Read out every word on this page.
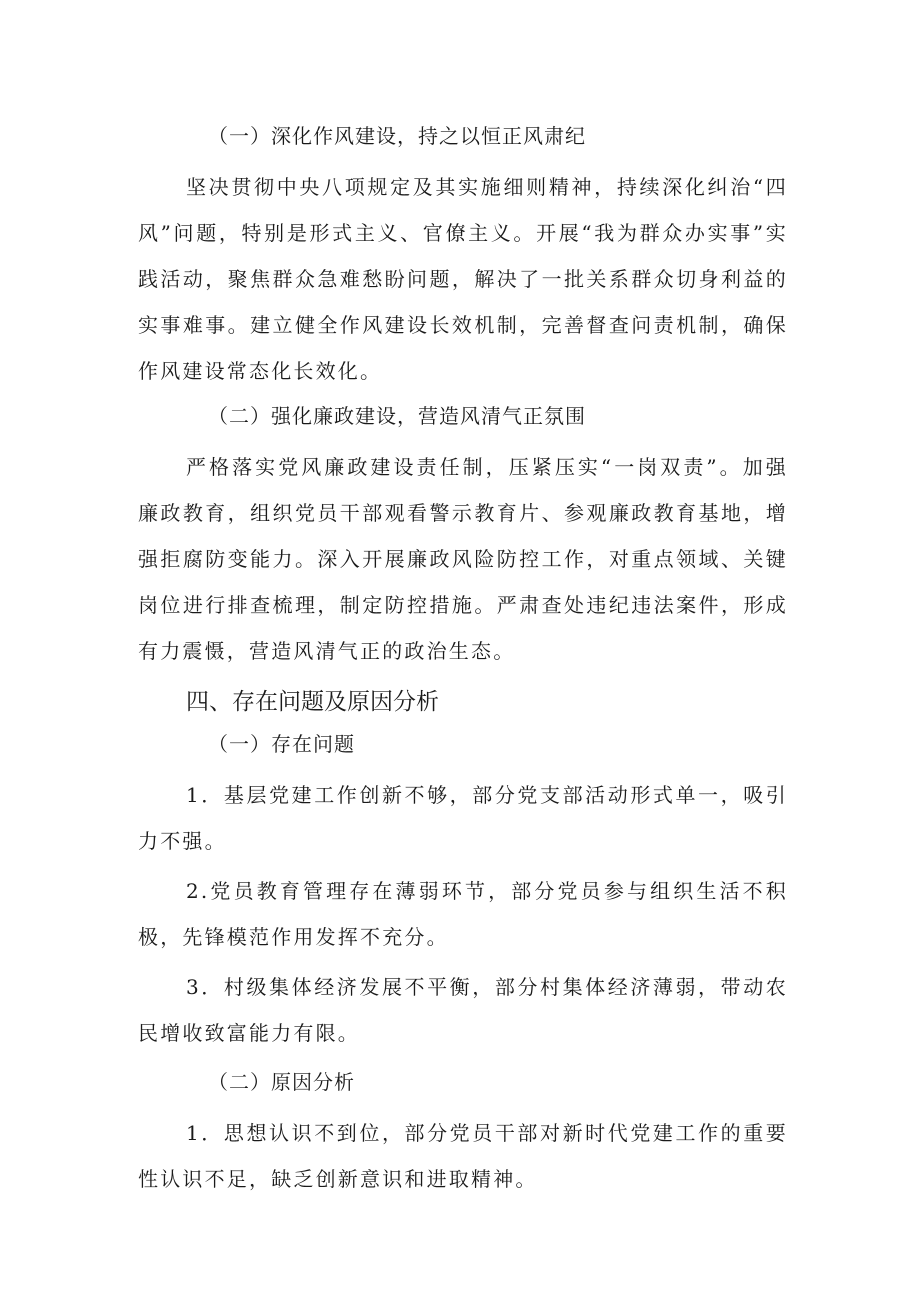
（一）深化作风建设，持之以恒正风肃纪

坚决贯彻中央八项规定及其实施细则精神，持续深化纠治“四风”问题，特别是形式主义、官僚主义。开展“我为群众办实事”实践活动，聚焦群众急难愁盼问题，解决了一批关系群众切身利益的实事难事。建立健全作风建设长效机制，完善督查问责机制，确保作风建设常态化长效化。

（二）强化廉政建设，营造风清气正氛围

严格落实党风廉政建设责任制，压紧压实“一岗双责”。加强廉政教育，组织党员干部观看警示教育片、参观廉政教育基地，增强拒腐防变能力。深入开展廉政风险防控工作，对重点领域、关键岗位进行排查梳理，制定防控措施。严肃查处违纪违法案件，形成有力震慑，营造风清气正的政治生态。

四、存在问题及原因分析

（一）存在问题

1．基层党建工作创新不够，部分党支部活动形式单一，吸引力不强。

2.党员教育管理存在薄弱环节，部分党员参与组织生活不积极，先锋模范作用发挥不充分。

3．村级集体经济发展不平衡，部分村集体经济薄弱，带动农民增收致富能力有限。

（二）原因分析

1．思想认识不到位，部分党员干部对新时代党建工作的重要性认识不足，缺乏创新意识和进取精神。
